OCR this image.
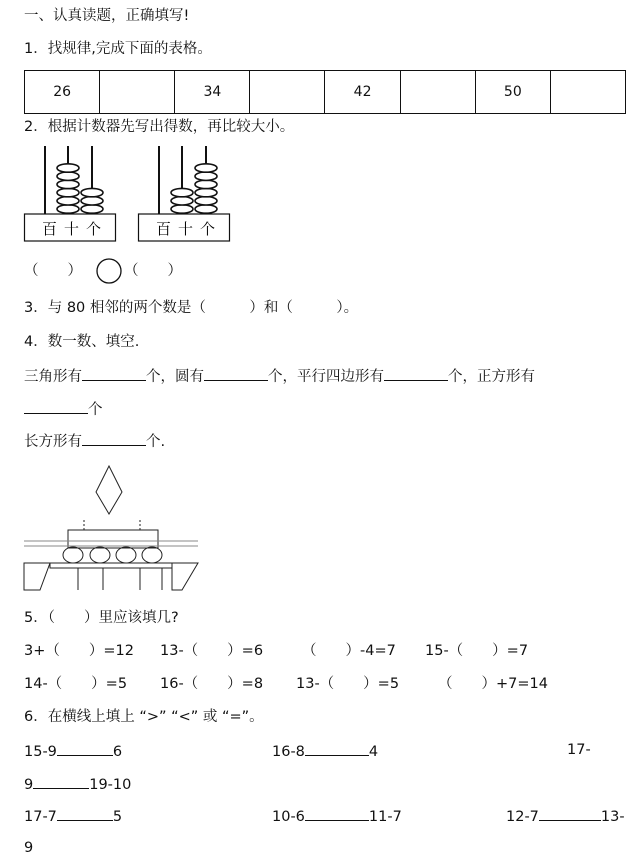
一、认真读题，正确填写!
1．找规律,完成下面的表格。
26		34		42		50	
2．根据计数器先写出得数，再比较大小。
百 十 个	百 十 个
（　　）	（　　）
3．与 80 相邻的两个数是（　　　）和（　　　）。
4．数一数、填空.
三角形有	个，圆有	个，平行四边形有	个，正方形有
个
长方形有	个.
5．（　　）里应该填几?
3+（　　）=12 13-（　　）=6	（　　）-4=7 15-（　　）=7
14-（　　）=5 16-（　　）=8 13-（　　）=5	（　　）+7=14
6．在横线上填上 “>” “<” 或 “=”。
15-9	6	16-8	4	17-
9	19-10
17-7	5	10-6	11-7	12-7	13-
9
